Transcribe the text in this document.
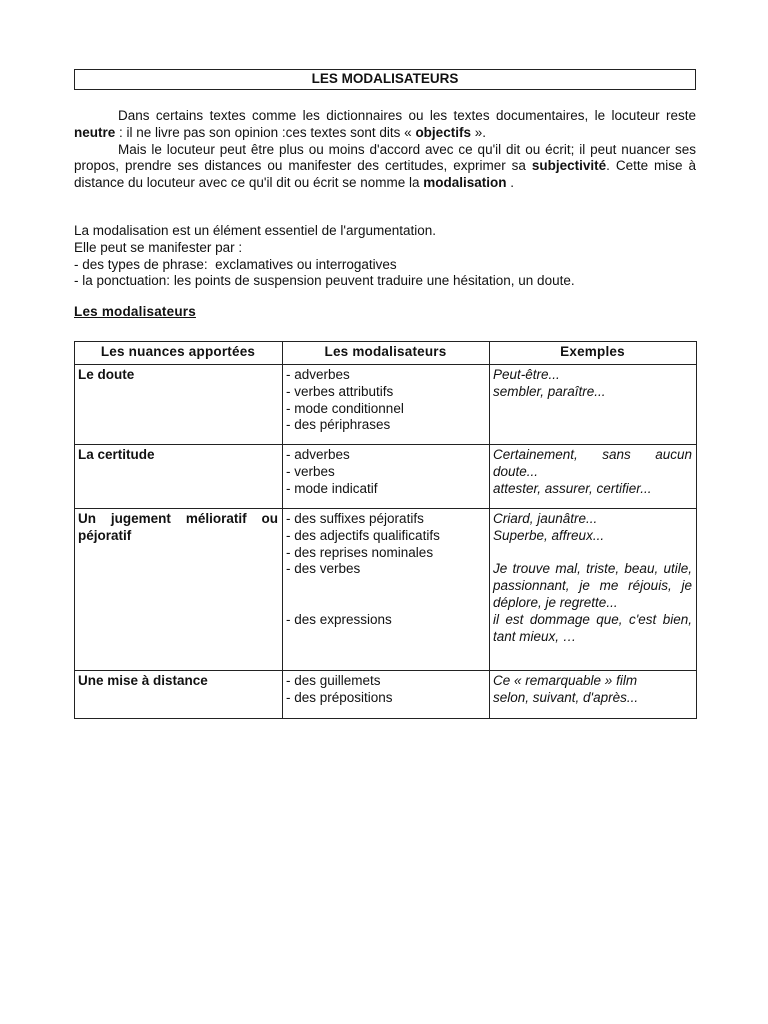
LES MODALISATEURS

Dans certains textes comme les dictionnaires ou les textes documentaires, le locuteur reste neutre : il ne livre pas son opinion :ces textes sont dits « objectifs ».

Mais le locuteur peut être plus ou moins d'accord avec ce qu'il dit ou écrit; il peut nuancer ses propos, prendre ses distances ou manifester des certitudes, exprimer sa subjectivité. Cette mise à distance du locuteur avec ce qu'il dit ou écrit se nomme la modalisation .

La modalisation est un élément essentiel de l'argumentation.
Elle peut se manifester par :
- des types de phrase:  exclamatives ou interrogatives
- la ponctuation: les points de suspension peuvent traduire une hésitation, un doute.
Les modalisateurs
Les nuances apportées	Les modalisateurs	Exemples
Le doute	- adverbes
- verbes attributifs
- mode conditionnel
- des périphrases	Peut-être...
sembler, paraître...

La certitude	- adverbes
- verbes
- mode indicatif	Certainement, sans aucun doute...
attester, assurer, certifier...

Un jugement mélioratif ou péjoratif	- des suffixes péjoratifs
- des adjectifs qualificatifs
- des reprises nominales
- des verbes
- des expressions	Criard, jaunâtre...
Superbe, affreux...
Je trouve mal, triste, beau, utile, passionnant, je me réjouis, je déplore, je regrette...
il est dommage que, c'est bien, tant mieux, …

Une mise à distance	- des guillemets
- des prépositions	Ce « remarquable » film
selon, suivant, d'après...
